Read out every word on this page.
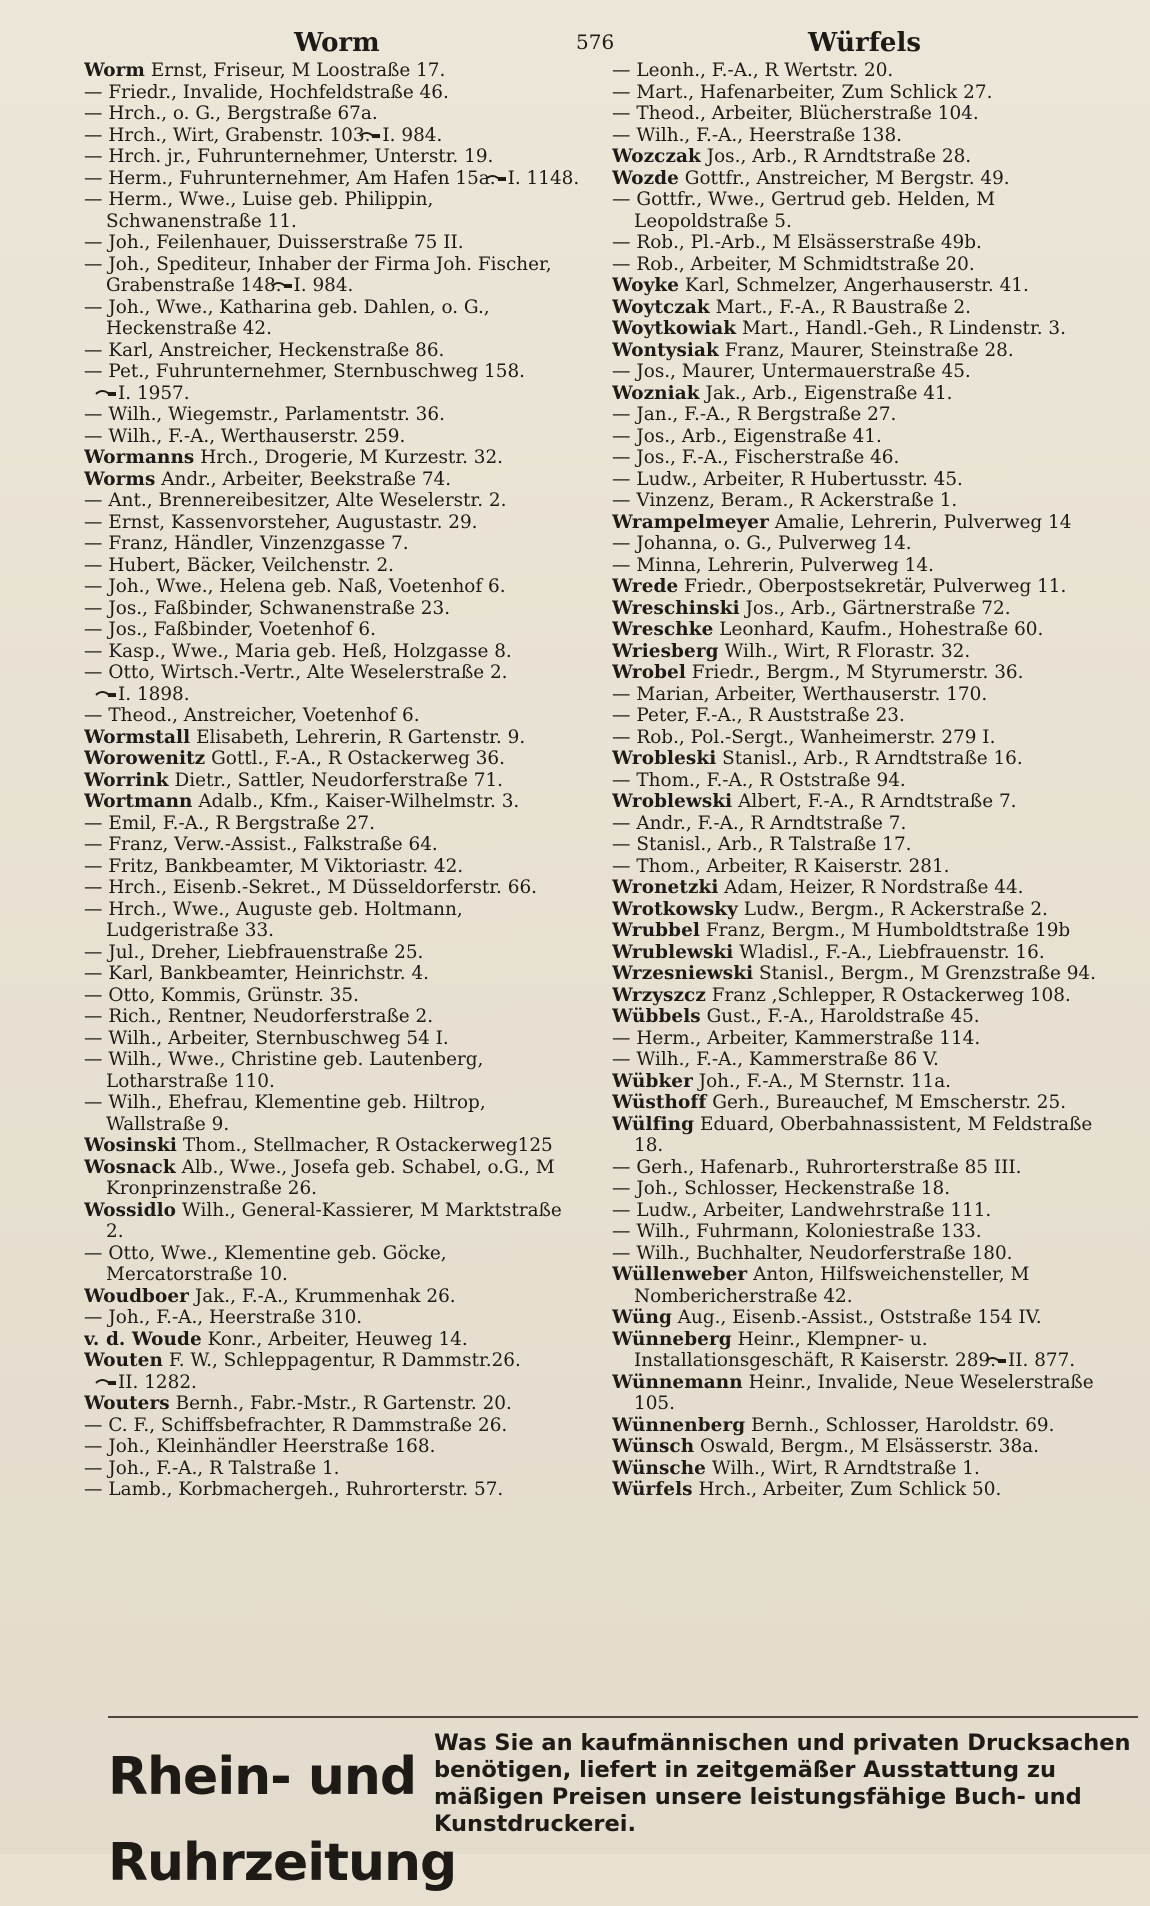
Worm	576	Würfels
Worm Ernst, Friseur, M Loostraße 17.
— Friedr., Invalide, Hochfeldstraße 46.
— Hrch., o. G., Bergstraße 67a.
— Hrch., Wirt, Grabenstr. 103. I. 984.
— Hrch. jr., Fuhrunternehmer, Unterstr. 19.
— Herm., Fuhrunternehmer, Am Hafen 15a. I. 1148.
— Herm., Wwe., Luise geb. Philippin, Schwanenstraße 11.
— Joh., Feilenhauer, Duisserstraße 75 II.
— Joh., Spediteur, Inhaber der Firma Joh. Fischer, Grabenstraße 148. I. 984.
— Joh., Wwe., Katharina geb. Dahlen, o. G., Heckenstraße 42.
— Karl, Anstreicher, Heckenstraße 86.
— Pet., Fuhrunternehmer, Sternbuschweg 158.I. 1957.
— Wilh., Wiegemstr., Parlamentstr. 36.
— Wilh., F.-A., Werthauserstr. 259.
Wormanns Hrch., Drogerie, M Kurzestr. 32.
Worms Andr., Arbeiter, Beekstraße 74.
— Ant., Brennereibesitzer, Alte Weselerstr. 2.
— Ernst, Kassenvorsteher, Augustastr. 29.
— Franz, Händler, Vinzenzgasse 7.
— Hubert, Bäcker, Veilchenstr. 2.
— Joh., Wwe., Helena geb. Naß, Voetenhof 6.
— Jos., Faßbinder, Schwanenstraße 23.
— Jos., Faßbinder, Voetenhof 6.
— Kasp., Wwe., Maria geb. Heß, Holzgasse 8.
— Otto, Wirtsch.-Vertr., Alte Weselerstraße 2.I. 1898.
— Theod., Anstreicher, Voetenhof 6.
Wormstall Elisabeth, Lehrerin, R Gartenstr. 9.
Worowenitz Gottl., F.-A., R Ostackerweg 36.
Worrink Dietr., Sattler, Neudorferstraße 71.
Wortmann Adalb., Kfm., Kaiser-Wilhelmstr. 3.
— Emil, F.-A., R Bergstraße 27.
— Franz, Verw.-Assist., Falkstraße 64.
— Fritz, Bankbeamter, M Viktoriastr. 42.
— Hrch., Eisenb.-Sekret., M Düsseldorferstr. 66.
— Hrch., Wwe., Auguste geb. Holtmann, Ludgeristraße 33.
— Jul., Dreher, Liebfrauenstraße 25.
— Karl, Bankbeamter, Heinrichstr. 4.
— Otto, Kommis, Grünstr. 35.
— Rich., Rentner, Neudorferstraße 2.
— Wilh., Arbeiter, Sternbuschweg 54 I.
— Wilh., Wwe., Christine geb. Lautenberg, Lotharstraße 110.
— Wilh., Ehefrau, Klementine geb. Hiltrop, Wallstraße 9.
Wosinski Thom., Stellmacher, R Ostackerweg125
Wosnack Alb., Wwe., Josefa geb. Schabel, o.G., M Kronprinzenstraße 26.
Wossidlo Wilh., General-Kassierer, M Marktstraße 2.
— Otto, Wwe., Klementine geb. Göcke, Mercatorstraße 10.
Woudboer Jak., F.-A., Krummenhak 26.
— Joh., F.-A., Heerstraße 310.
v. d. Woude Konr., Arbeiter, Heuweg 14.
Wouten F. W., Schleppagentur, R Dammstr.26.II. 1282.
Wouters Bernh., Fabr.-Mstr., R Gartenstr. 20.
— C. F., Schiffsbefrachter, R Dammstraße 26.
— Joh., Kleinhändler Heerstraße 168.
— Joh., F.-A., R Talstraße 1.
— Lamb., Korbmachergeh., Ruhrorterstr. 57.
— Leonh., F.-A., R Wertstr. 20.
— Mart., Hafenarbeiter, Zum Schlick 27.
— Theod., Arbeiter, Blücherstraße 104.
— Wilh., F.-A., Heerstraße 138.
Wozczak Jos., Arb., R Arndtstraße 28.
Wozde Gottfr., Anstreicher, M Bergstr. 49.
— Gottfr., Wwe., Gertrud geb. Helden, M Leopoldstraße 5.
— Rob., Pl.-Arb., M Elsässerstraße 49b.
— Rob., Arbeiter, M Schmidtstraße 20.
Woyke Karl, Schmelzer, Angerhauserstr. 41.
Woytczak Mart., F.-A., R Baustraße 2.
Woytkowiak Mart., Handl.-Geh., R Lindenstr. 3.
Wontysiak Franz, Maurer, Steinstraße 28.
— Jos., Maurer, Untermauerstraße 45.
Wozniak Jak., Arb., Eigenstraße 41.
— Jan., F.-A., R Bergstraße 27.
— Jos., Arb., Eigenstraße 41.
— Jos., F.-A., Fischerstraße 46.
— Ludw., Arbeiter, R Hubertusstr. 45.
— Vinzenz, Beram., R Ackerstraße 1.
Wrampelmeyer Amalie, Lehrerin, Pulverweg 14
— Johanna, o. G., Pulverweg 14.
— Minna, Lehrerin, Pulverweg 14.
Wrede Friedr., Oberpostsekretär, Pulverweg 11.
Wreschinski Jos., Arb., Gärtnerstraße 72.
Wreschke Leonhard, Kaufm., Hohestraße 60.
Wriesberg Wilh., Wirt, R Florastr. 32.
Wrobel Friedr., Bergm., M Styrumerstr. 36.
— Marian, Arbeiter, Werthauserstr. 170.
— Peter, F.-A., R Auststraße 23.
— Rob., Pol.-Sergt., Wanheimerstr. 279 I.
Wrobleski Stanisl., Arb., R Arndtstraße 16.
— Thom., F.-A., R Oststraße 94.
Wroblewski Albert, F.-A., R Arndtstraße 7.
— Andr., F.-A., R Arndtstraße 7.
— Stanisl., Arb., R Talstraße 17.
— Thom., Arbeiter, R Kaiserstr. 281.
Wronetzki Adam, Heizer, R Nordstraße 44.
Wrotkowsky Ludw., Bergm., R Ackerstraße 2.
Wrubbel Franz, Bergm., M Humboldtstraße 19b
Wrublewski Wladisl., F.-A., Liebfrauenstr. 16.
Wrzesniewski Stanisl., Bergm., M Grenzstraße 94.
Wrzyszcz Franz ,Schlepper, R Ostackerweg 108.
Wübbels Gust., F.-A., Haroldstraße 45.
— Herm., Arbeiter, Kammerstraße 114.
— Wilh., F.-A., Kammerstraße 86 V.
Wübker Joh., F.-A., M Sternstr. 11a.
Wüsthoff Gerh., Bureauchef, M Emscherstr. 25.
Wülfing Eduard, Oberbahnassistent, M Feldstraße 18.
— Gerh., Hafenarb., Ruhrorterstraße 85 III.
— Joh., Schlosser, Heckenstraße 18.
— Ludw., Arbeiter, Landwehrstraße 111.
— Wilh., Fuhrmann, Koloniestraße 133.
— Wilh., Buchhalter, Neudorferstraße 180.
Wüllenweber Anton, Hilfsweichensteller, M Nombericherstraße 42.
Wüng Aug., Eisenb.-Assist., Oststraße 154 IV.
Wünneberg Heinr., Klempner- u. Installationsgeschäft, R Kaiserstr. 289. II. 877.
Wünnemann Heinr., Invalide, Neue Weselerstraße 105.
Wünnenberg Bernh., Schlosser, Haroldstr. 69.
Wünsch Oswald, Bergm., M Elsässerstr. 38a.
Wünsche Wilh., Wirt, R Arndtstraße 1.
Würfels Hrch., Arbeiter, Zum Schlick 50.
Rhein- und Ruhrzeitung
Was Sie an kaufmännischen und privaten Drucksachen benötigen, liefert in zeitgemäßer Ausstattung zu mäßigen Preisen unsere leistungsfähige Buch- und Kunstdruckerei.
